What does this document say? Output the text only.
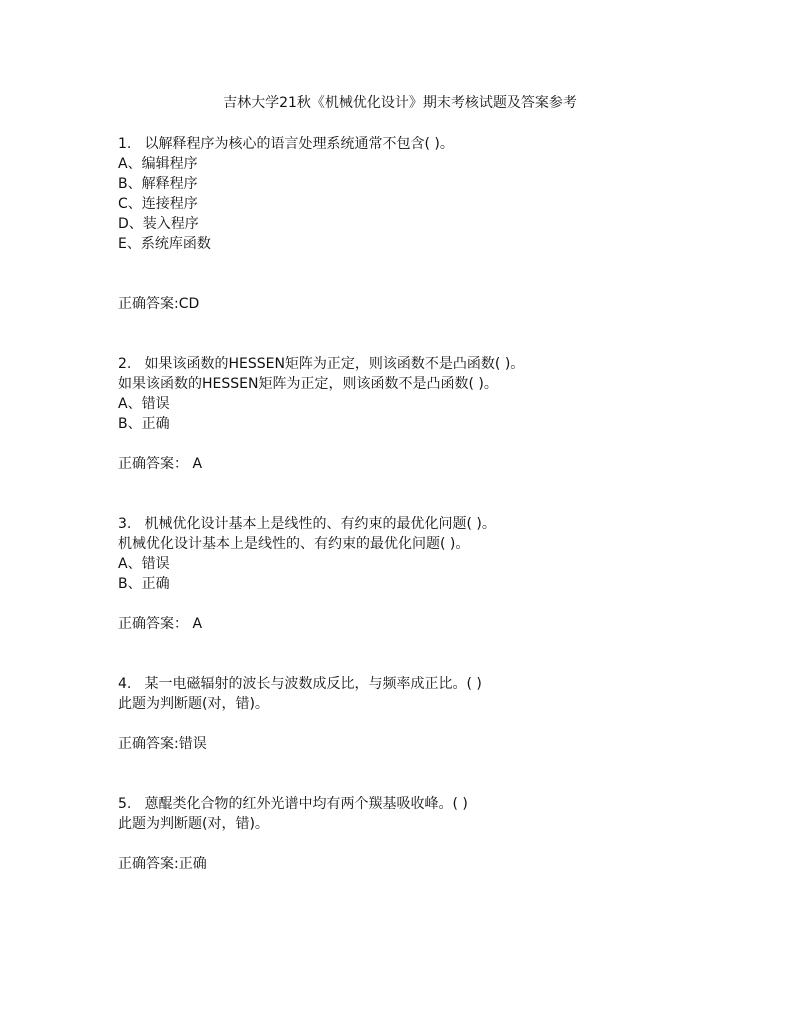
吉林大学21秋《机械优化设计》期末考核试题及答案参考
1. 以解释程序为核心的语言处理系统通常不包含( )。
A、编辑程序
B、解释程序
C、连接程序
D、装入程序
E、系统库函数
正确答案:CD
2. 如果该函数的HESSEN矩阵为正定，则该函数不是凸函数( )。
如果该函数的HESSEN矩阵为正定，则该函数不是凸函数( )。
A、错误
B、正确
正确答案： A
3. 机械优化设计基本上是线性的、有约束的最优化问题( )。
机械优化设计基本上是线性的、有约束的最优化问题( )。
A、错误
B、正确
正确答案： A
4. 某一电磁辐射的波长与波数成反比，与频率成正比。( )
此题为判断题(对，错)。
正确答案:错误
5. 蒽醌类化合物的红外光谱中均有两个羰基吸收峰。( )
此题为判断题(对，错)。
正确答案:正确
